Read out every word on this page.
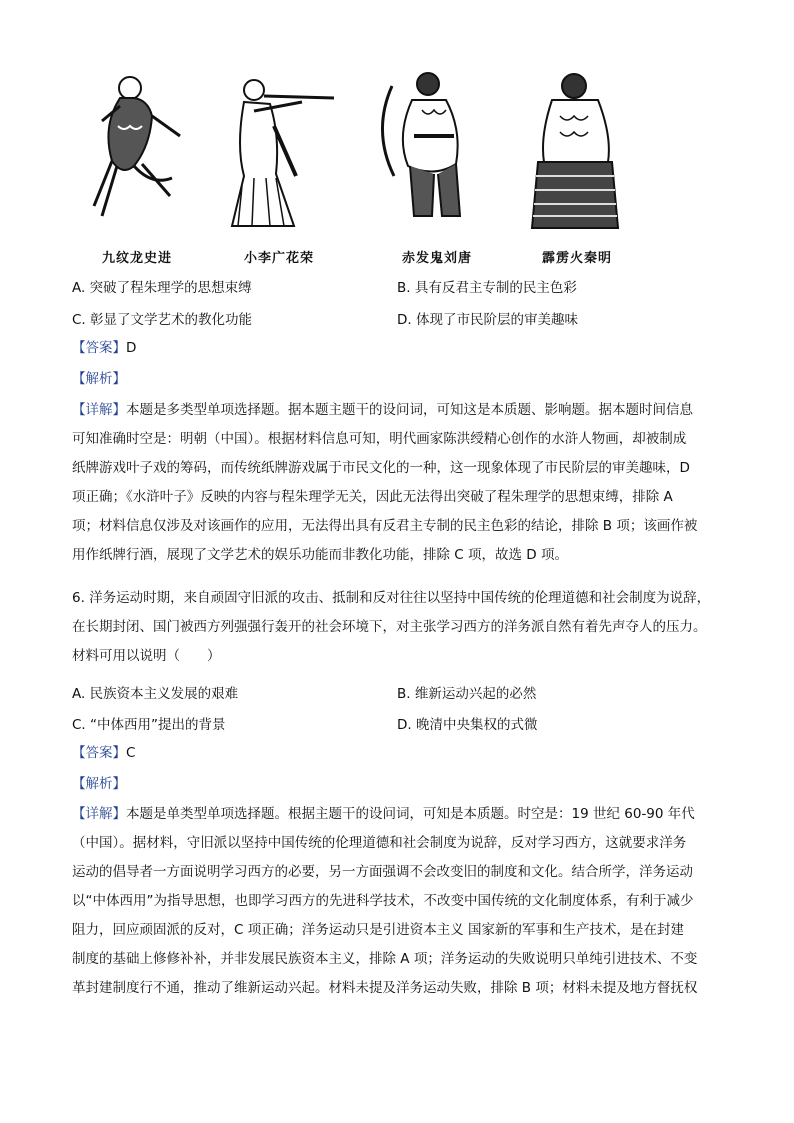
九纹龙史进	小李广花荣	赤发鬼刘唐	霹雳火秦明
A. 突破了程朱理学的思想束缚	B. 具有反君主专制的民主色彩
C. 彰显了文学艺术的教化功能	D. 体现了市民阶层的审美趣味
【答案】D
【解析】
【详解】本题是多类型单项选择题。据本题主题干的设问词，可知这是本质题、影响题。据本题时间信息
可知准确时空是：明朝（中国）。根据材料信息可知，明代画家陈洪绶精心创作的水浒人物画，却被制成
纸牌游戏叶子戏的筹码，而传统纸牌游戏属于市民文化的一种，这一现象体现了市民阶层的审美趣味，D
项正确；《水浒叶子》反映的内容与程朱理学无关，因此无法得出突破了程朱理学的思想束缚，排除 A
项；材料信息仅涉及对该画作的应用，无法得出具有反君主专制的民主色彩的结论，排除 B 项；该画作被
用作纸牌行酒，展现了文学艺术的娱乐功能而非教化功能，排除 C 项，故选 D 项。
6. 洋务运动时期，来自顽固守旧派的攻击、抵制和反对往往以坚持中国传统的伦理道德和社会制度为说辞，
在长期封闭、国门被西方列强强行轰开的社会环境下，对主张学习西方的洋务派自然有着先声夺人的压力。
材料可用以说明（　　）
A. 民族资本主义发展的艰难	B. 维新运动兴起的必然
C. “中体西用”提出的背景	D. 晚清中央集权的式微
【答案】C
【解析】
【详解】本题是单类型单项选择题。根据主题干的设问词，可知是本质题。时空是：19 世纪 60-90 年代
（中国）。据材料，守旧派以坚持中国传统的伦理道德和社会制度为说辞，反对学习西方，这就要求洋务
运动的倡导者一方面说明学习西方的必要，另一方面强调不会改变旧的制度和文化。结合所学，洋务运动
以“中体西用”为指导思想，也即学习西方的先进科学技术，不改变中国传统的文化制度体系，有利于减少
阻力，回应顽固派的反对，C 项正确；洋务运动只是引进资本主义 国家新的军事和生产技术，是在封建
制度的基础上修修补补，并非发展民族资本主义，排除 A 项；洋务运动的失败说明只单纯引进技术、不变
革封建制度行不通，推动了维新运动兴起。材料未提及洋务运动失败，排除 B 项；材料未提及地方督抚权
